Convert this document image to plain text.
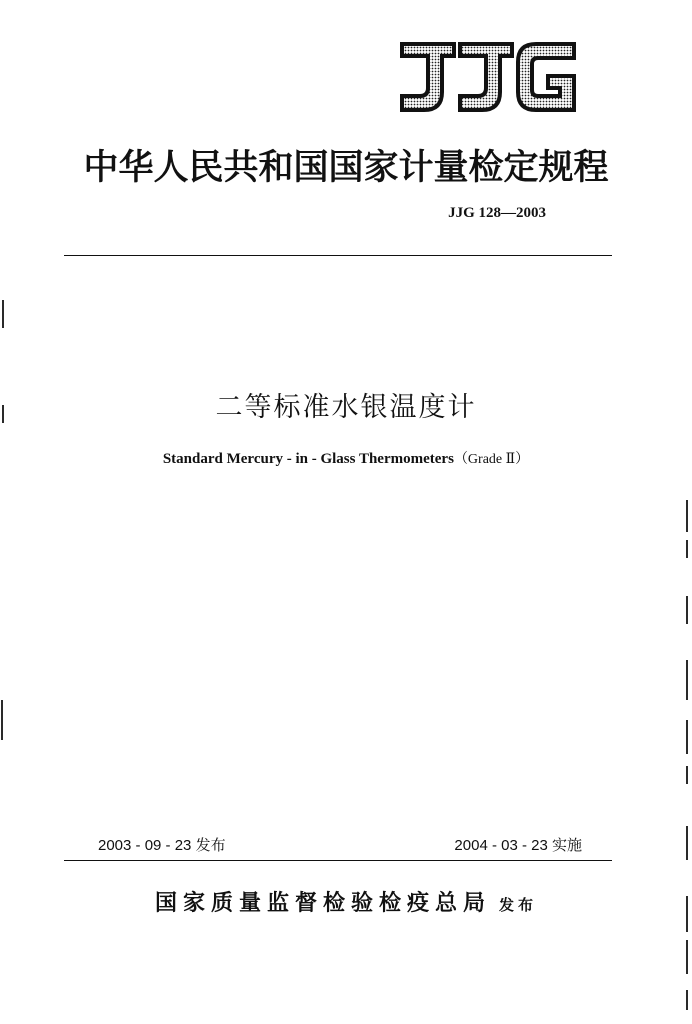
中华人民共和国国家计量检定规程
JJG 128—2003
二等标准水银温度计
Standard Mercury - in - Glass Thermometers（Grade Ⅱ）
2003 - 09 - 23 发布	2004 - 03 - 23 实施
国家质量监督检验检疫总局 发布
